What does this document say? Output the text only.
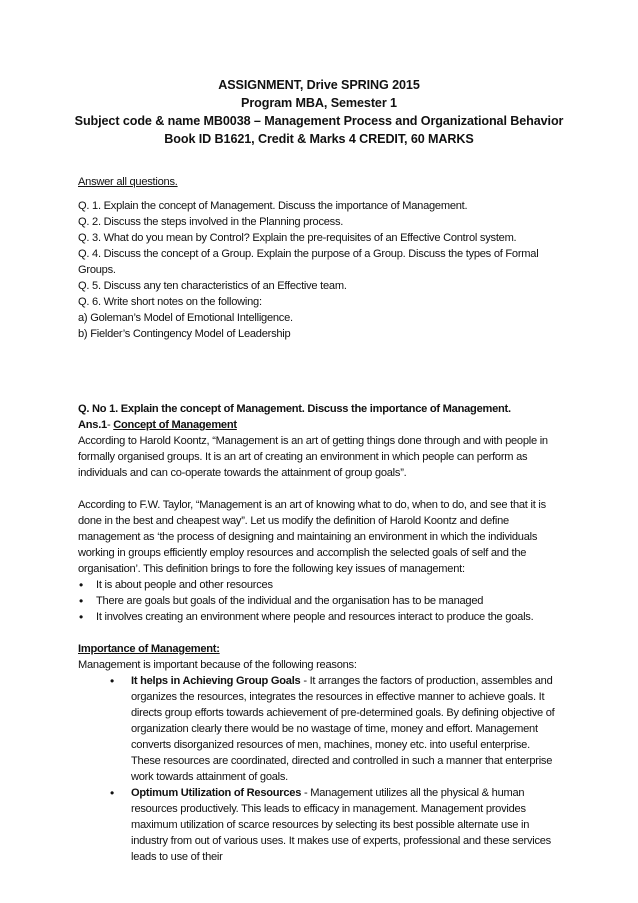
ASSIGNMENT, Drive SPRING 2015
Program MBA, Semester 1
Subject code & name MB0038 – Management Process and Organizational Behavior
Book ID B1621, Credit & Marks 4 CREDIT, 60 MARKS

Answer all questions.

Q. 1. Explain the concept of Management. Discuss the importance of Management.

Q. 2. Discuss the steps involved in the Planning process.

Q. 3. What do you mean by Control? Explain the pre-requisites of an Effective Control system.

Q. 4. Discuss the concept of a Group. Explain the purpose of a Group. Discuss the types of Formal Groups.

Q. 5. Discuss any ten characteristics of an Effective team.

Q. 6. Write short notes on the following:

a) Goleman’s Model of Emotional Intelligence.

b) Fielder’s Contingency Model of Leadership

Q. No 1. Explain the concept of Management. Discuss the importance of Management.

Ans.1- Concept of Management

According to Harold Koontz, “Management is an art of getting things done through and with people in formally organised groups. It is an art of creating an environment in which people can perform as individuals and can co-operate towards the attainment of group goals”.

According to F.W. Taylor, “Management is an art of knowing what to do, when to do, and see that it is done in the best and cheapest way”. Let us modify the definition of Harold Koontz and define management as ‘the process of designing and maintaining an environment in which the individuals working in groups efficiently employ resources and accomplish the selected goals of self and the organisation’. This definition brings to fore the following key issues of management:

• It is about people and other resources
• There are goals but goals of the individual and the organisation has to be managed
• It involves creating an environment where people and resources interact to produce the goals.

Importance of Management:

Management is important because of the following reasons:

• It helps in Achieving Group Goals - It arranges the factors of production, assembles and organizes the resources, integrates the resources in effective manner to achieve goals. It directs group efforts towards achievement of pre-determined goals. By defining objective of organization clearly there would be no wastage of time, money and effort. Management converts disorganized resources of men, machines, money etc. into useful enterprise. These resources are coordinated, directed and controlled in such a manner that enterprise work towards attainment of goals.
• Optimum Utilization of Resources - Management utilizes all the physical & human resources productively. This leads to efficacy in management. Management provides maximum utilization of scarce resources by selecting its best possible alternate use in industry from out of various uses. It makes use of experts, professional and these services leads to use of their
